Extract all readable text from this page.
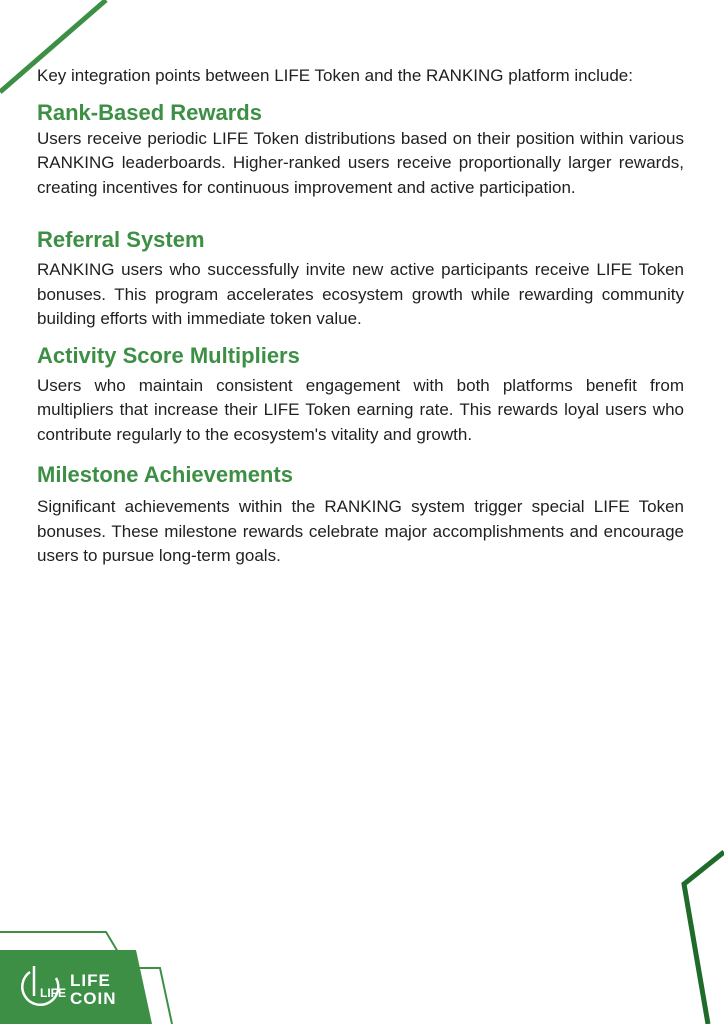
LIFE
LIFE
COIN

Key integration points between LIFE Token and the RANKING platform include:

Rank-Based Rewards

Users receive periodic LIFE Token distributions based on their position within various RANKING leaderboards. Higher-ranked users receive proportionally larger rewards, creating incentives for continuous improvement and active participation.

Referral System

RANKING users who successfully invite new active participants receive LIFE Token bonuses. This program accelerates ecosystem growth while rewarding community building efforts with immediate token value.

Activity Score Multipliers

Users who maintain consistent engagement with both platforms benefit from multipliers that increase their LIFE Token earning rate. This rewards loyal users who contribute regularly to the ecosystem's vitality and growth.

Milestone Achievements

Significant achievements within the RANKING system trigger special LIFE Token bonuses. These milestone rewards celebrate major accomplishments and encourage users to pursue long-term goals.
